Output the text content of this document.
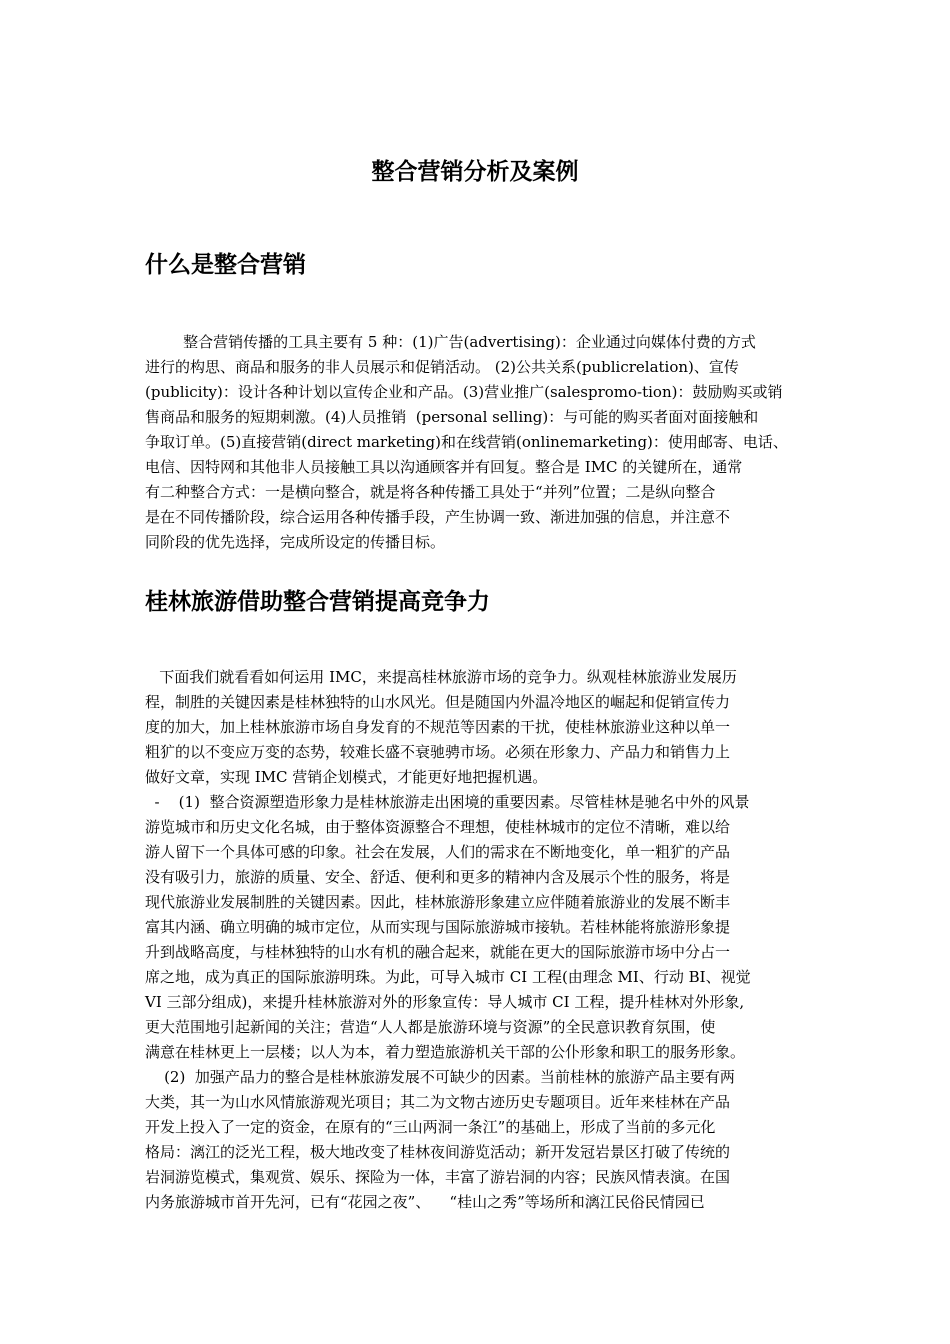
整合营销分析及案例
什么是整合营销
整合营销传播的工具主要有 5 种：(1)广告(advertising)：企业通过向媒体付费的方式
进行的构思、商品和服务的非人员展示和促销活动。 (2)公共关系(publicrelation)、宣传
(publicity)：设计各种计划以宣传企业和产品。(3)营业推广(salespromo-tion)：鼓励购买或销
售商品和服务的短期刺激。(4)人员推销  (personal selling)：与可能的购买者面对面接触和
争取订单。(5)直接营销(direct marketing)和在线营销(onlinemarketing)：使用邮寄、电话、
电信、因特网和其他非人员接触工具以沟通顾客并有回复。整合是 IMC 的关键所在，通常
有二种整合方式：一是横向整合，就是将各种传播工具处于“并列”位置；二是纵向整合
是在不同传播阶段，综合运用各种传播手段，产生协调一致、渐进加强的信息，并注意不
同阶段的优先选择，完成所设定的传播目标。
桂林旅游借助整合营销提高竞争力
下面我们就看看如何运用 IMC，来提高桂林旅游市场的竞争力。纵观桂林旅游业发展历
程，制胜的关键因素是桂林独特的山水风光。但是随国内外温冷地区的崛起和促销宣传力
度的加大，加上桂林旅游市场自身发育的不规范等因素的干扰，使桂林旅游业这种以单一
粗犷的以不变应万变的态势，较难长盛不衰驰骋市场。必须在形象力、产品力和销售力上
做好文章，实现 IMC 营销企划模式，才能更好地把握机遇。
-    (1)  整合资源塑造形象力是桂林旅游走出困境的重要因素。尽管桂林是驰名中外的风景
游览城市和历史文化名城，由于整体资源整合不理想，使桂林城市的定位不清晰，难以给
游人留下一个具体可感的印象。社会在发展，人们的需求在不断地变化，单一粗犷的产品
没有吸引力，旅游的质量、安全、舒适、便利和更多的精神内含及展示个性的服务，将是
现代旅游业发展制胜的关键因素。因此，桂林旅游形象建立应伴随着旅游业的发展不断丰
富其内涵、确立明确的城市定位，从而实现与国际旅游城市接轨。若桂林能将旅游形象提
升到战略高度，与桂林独特的山水有机的融合起来，就能在更大的国际旅游市场中分占一
席之地，成为真正的国际旅游明珠。为此，可导入城市 CI 工程(由理念 MI、行动 BI、视觉
VI 三部分组成)，来提升桂林旅游对外的形象宣传：导人城市 CI 工程，提升桂林对外形象,
更大范围地引起新闻的关注；营造“人人都是旅游环境与资源”的全民意识教育氛围，使
满意在桂林更上一层楼；以人为本，着力塑造旅游机关干部的公仆形象和职工的服务形象。
(2)  加强产品力的整合是桂林旅游发展不可缺少的因素。当前桂林的旅游产品主要有两
大类，其一为山水风情旅游观光项目；其二为文物古迹历史专题项目。近年来桂林在产品
开发上投入了一定的资金，在原有的“三山两洞一条江”的基础上，形成了当前的多元化
格局：漓江的泛光工程，极大地改变了桂林夜间游览活动；新开发冠岩景区打破了传统的
岩洞游览模式，集观赏、娱乐、探险为一体，丰富了游岩洞的内容；民族风情表演。在国
内务旅游城市首开先河，已有“花园之夜”、    “桂山之秀”等场所和漓江民俗民情园已
